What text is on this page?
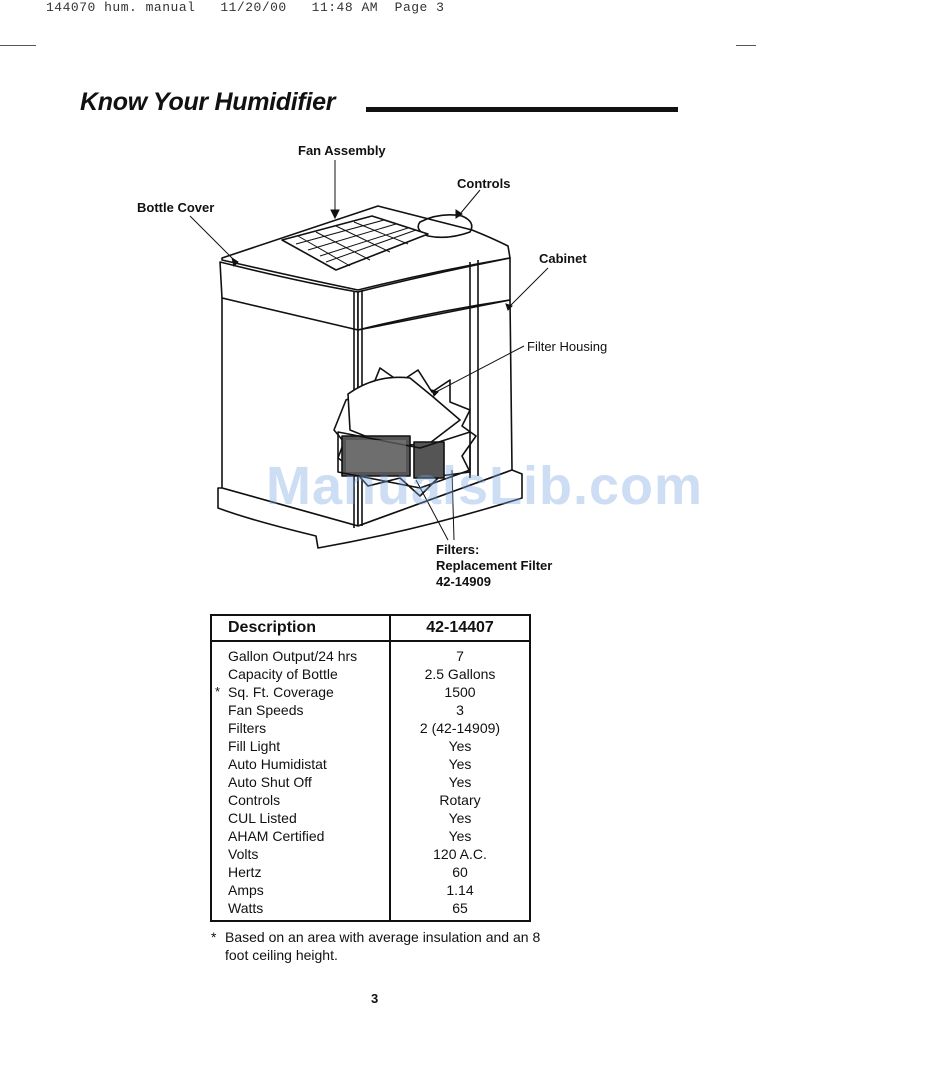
144070 hum. manual   11/20/00   11:48 AM  Page 3
Know Your Humidifier
Fan Assembly
Controls
Bottle Cover
Cabinet
Filter Housing
Filters:
Replacement Filter
42-14909
ManualsLib.com
Description	42-14407
Gallon Output/24 hrs	7
Capacity of Bottle	2.5 Gallons

* Sq. Ft. Coverage	1500
Fan Speeds	3
Filters	2 (42-14909)
Fill Light	Yes
Auto Humidistat	Yes
Auto Shut Off	Yes
Controls	Rotary
CUL Listed	Yes
AHAM Certified	Yes
Volts	120 A.C.
Hertz	60
Amps	1.14
Watts	65
* Based on an area with average insulation and an 8 foot ceiling height.
3
